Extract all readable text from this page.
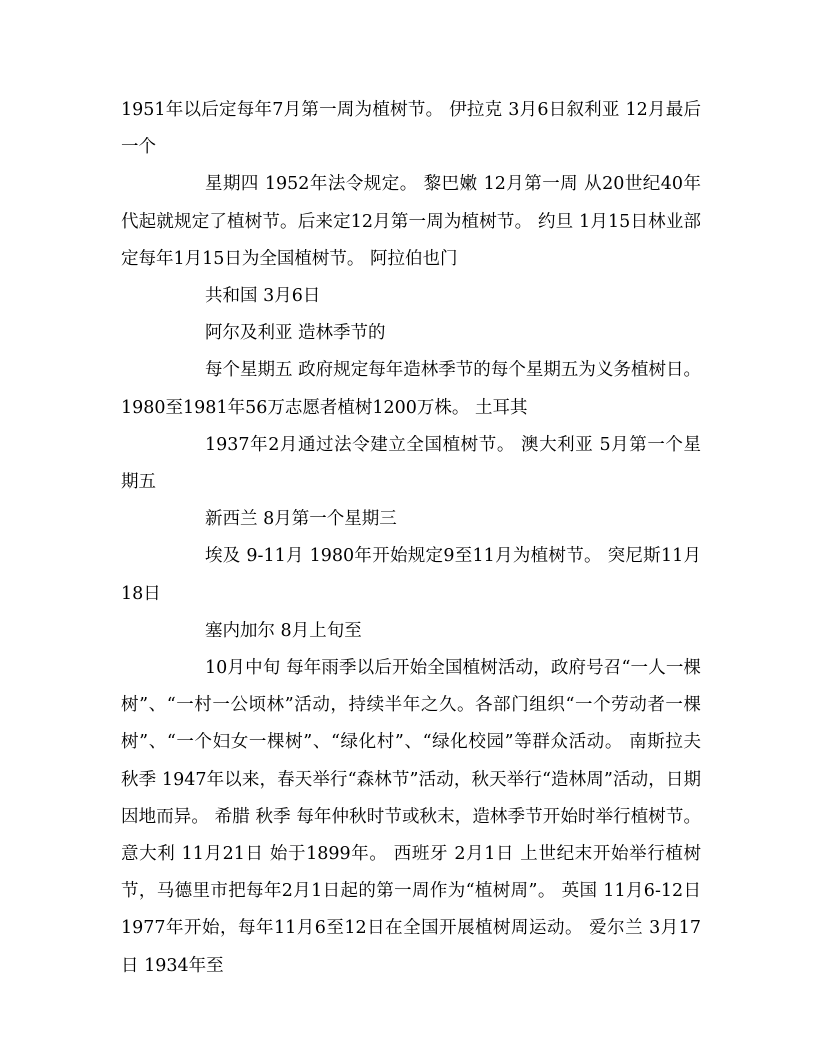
1951年以后定每年7月第一周为植树节。 伊拉克 3月6日叙利亚 12月最后一个

星期四 1952年法令规定。 黎巴嫩 12月第一周 从20世纪40年代起就规定了植树节。后来定12月第一周为植树节。 约旦 1月15日林业部定每年1月15日为全国植树节。 阿拉伯也门

共和国 3月6日

阿尔及利亚 造林季节的

每个星期五 政府规定每年造林季节的每个星期五为义务植树日。1980至1981年56万志愿者植树1200万株。 土耳其

1937年2月通过法令建立全国植树节。 澳大利亚 5月第一个星期五

新西兰 8月第一个星期三

埃及 9-11月 1980年开始规定9至11月为植树节。 突尼斯11月18日

塞内加尔 8月上旬至

10月中旬 每年雨季以后开始全国植树活动，政府号召“一人一棵树”、“一村一公顷林”活动，持续半年之久。各部门组织“一个劳动者一棵树”、“一个妇女一棵树”、“绿化村”、“绿化校园”等群众活动。 南斯拉夫 秋季 1947年以来，春天举行“森林节”活动，秋天举行“造林周”活动，日期因地而异。 希腊 秋季 每年仲秋时节或秋末，造林季节开始时举行植树节。 意大利 11月21日 始于1899年。 西班牙 2月1日 上世纪末开始举行植树节，马德里市把每年2月1日起的第一周作为“植树周”。 英国 11月6-12日 1977年开始，每年11月6至12日在全国开展植树周运动。 爱尔兰 3月17日 1934年至
